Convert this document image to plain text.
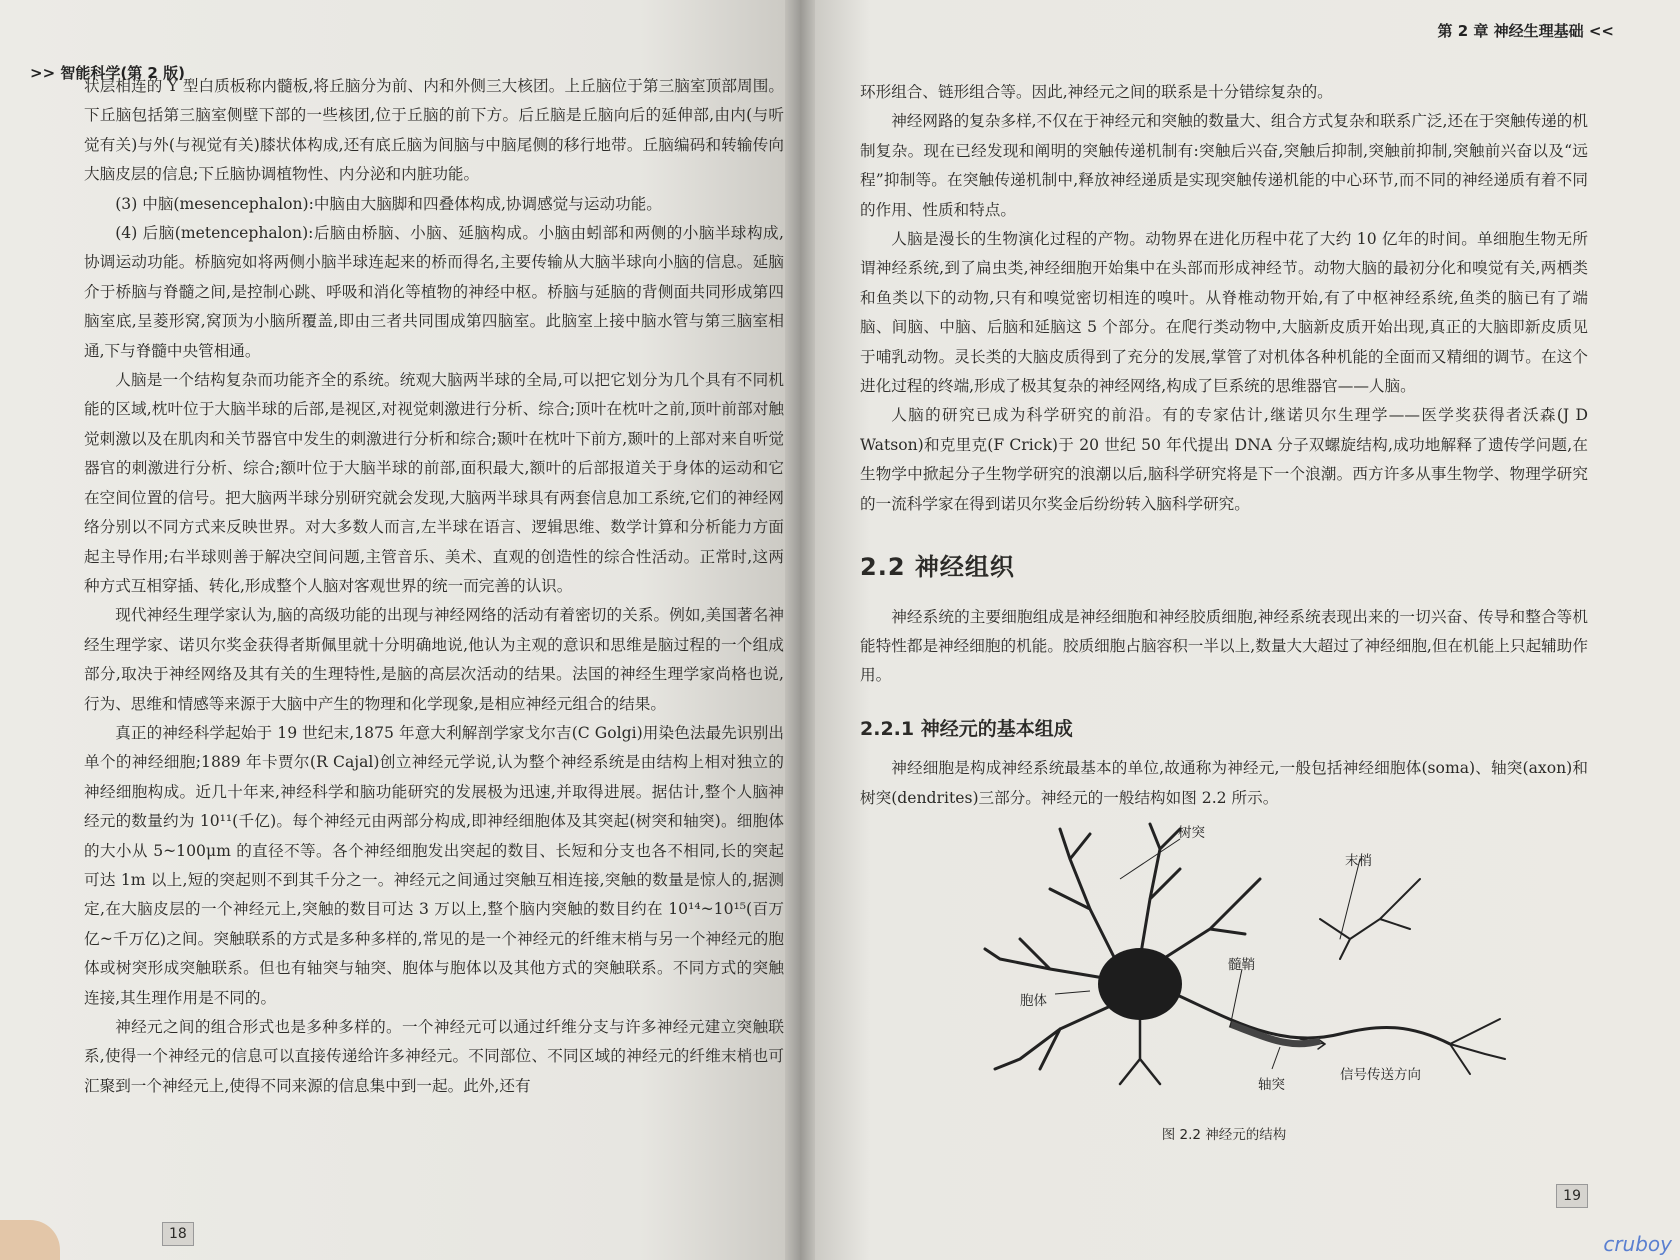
>> 智能科学(第 2 版)

状层相连的 Y 型白质板称内髓板,将丘脑分为前、内和外侧三大核团。上丘脑位于第三脑室顶部周围。下丘脑包括第三脑室侧壁下部的一些核团,位于丘脑的前下方。后丘脑是丘脑向后的延伸部,由内(与听觉有关)与外(与视觉有关)膝状体构成,还有底丘脑为间脑与中脑尾侧的移行地带。丘脑编码和转输传向大脑皮层的信息;下丘脑协调植物性、内分泌和内脏功能。

(3) 中脑(mesencephalon):中脑由大脑脚和四叠体构成,协调感觉与运动功能。

(4) 后脑(metencephalon):后脑由桥脑、小脑、延脑构成。小脑由蚓部和两侧的小脑半球构成,协调运动功能。桥脑宛如将两侧小脑半球连起来的桥而得名,主要传输从大脑半球向小脑的信息。延脑介于桥脑与脊髓之间,是控制心跳、呼吸和消化等植物的神经中枢。桥脑与延脑的背侧面共同形成第四脑室底,呈菱形窝,窝顶为小脑所覆盖,即由三者共同围成第四脑室。此脑室上接中脑水管与第三脑室相通,下与脊髓中央管相通。

人脑是一个结构复杂而功能齐全的系统。统观大脑两半球的全局,可以把它划分为几个具有不同机能的区域,枕叶位于大脑半球的后部,是视区,对视觉刺激进行分析、综合;顶叶在枕叶之前,顶叶前部对触觉刺激以及在肌肉和关节器官中发生的刺激进行分析和综合;颞叶在枕叶下前方,颞叶的上部对来自听觉器官的刺激进行分析、综合;额叶位于大脑半球的前部,面积最大,额叶的后部报道关于身体的运动和它在空间位置的信号。把大脑两半球分别研究就会发现,大脑两半球具有两套信息加工系统,它们的神经网络分别以不同方式来反映世界。对大多数人而言,左半球在语言、逻辑思维、数学计算和分析能力方面起主导作用;右半球则善于解决空间问题,主管音乐、美术、直观的创造性的综合性活动。正常时,这两种方式互相穿插、转化,形成整个人脑对客观世界的统一而完善的认识。

现代神经生理学家认为,脑的高级功能的出现与神经网络的活动有着密切的关系。例如,美国著名神经生理学家、诺贝尔奖金获得者斯佩里就十分明确地说,他认为主观的意识和思维是脑过程的一个组成部分,取决于神经网络及其有关的生理特性,是脑的高层次活动的结果。法国的神经生理学家尚格也说,行为、思维和情感等来源于大脑中产生的物理和化学现象,是相应神经元组合的结果。

真正的神经科学起始于 19 世纪末,1875 年意大利解剖学家戈尔吉(C Golgi)用染色法最先识别出单个的神经细胞;1889 年卡贾尔(R Cajal)创立神经元学说,认为整个神经系统是由结构上相对独立的神经细胞构成。近几十年来,神经科学和脑功能研究的发展极为迅速,并取得进展。据估计,整个人脑神经元的数量约为 10¹¹(千亿)。每个神经元由两部分构成,即神经细胞体及其突起(树突和轴突)。细胞体的大小从 5~100μm 的直径不等。各个神经细胞发出突起的数目、长短和分支也各不相同,长的突起可达 1m 以上,短的突起则不到其千分之一。神经元之间通过突触互相连接,突触的数量是惊人的,据测定,在大脑皮层的一个神经元上,突触的数目可达 3 万以上,整个脑内突触的数目约在 10¹⁴~10¹⁵(百万亿~千万亿)之间。突触联系的方式是多种多样的,常见的是一个神经元的纤维末梢与另一个神经元的胞体或树突形成突触联系。但也有轴突与轴突、胞体与胞体以及其他方式的突触联系。不同方式的突触连接,其生理作用是不同的。

神经元之间的组合形式也是多种多样的。一个神经元可以通过纤维分支与许多神经元建立突触联系,使得一个神经元的信息可以直接传递给许多神经元。不同部位、不同区域的神经元的纤维末梢也可汇聚到一个神经元上,使得不同来源的信息集中到一起。此外,还有

18
第 2 章 神经生理基础 <<

环形组合、链形组合等。因此,神经元之间的联系是十分错综复杂的。

神经网路的复杂多样,不仅在于神经元和突触的数量大、组合方式复杂和联系广泛,还在于突触传递的机制复杂。现在已经发现和阐明的突触传递机制有:突触后兴奋,突触后抑制,突触前抑制,突触前兴奋以及“远程”抑制等。在突触传递机制中,释放神经递质是实现突触传递机能的中心环节,而不同的神经递质有着不同的作用、性质和特点。

人脑是漫长的生物演化过程的产物。动物界在进化历程中花了大约 10 亿年的时间。单细胞生物无所谓神经系统,到了扁虫类,神经细胞开始集中在头部而形成神经节。动物大脑的最初分化和嗅觉有关,两栖类和鱼类以下的动物,只有和嗅觉密切相连的嗅叶。从脊椎动物开始,有了中枢神经系统,鱼类的脑已有了端脑、间脑、中脑、后脑和延脑这 5 个部分。在爬行类动物中,大脑新皮质开始出现,真正的大脑即新皮质见于哺乳动物。灵长类的大脑皮质得到了充分的发展,掌管了对机体各种机能的全面而又精细的调节。在这个进化过程的终端,形成了极其复杂的神经网络,构成了巨系统的思维器官——人脑。

人脑的研究已成为科学研究的前沿。有的专家估计,继诺贝尔生理学——医学奖获得者沃森(J D Watson)和克里克(F Crick)于 20 世纪 50 年代提出 DNA 分子双螺旋结构,成功地解释了遗传学问题,在生物学中掀起分子生物学研究的浪潮以后,脑科学研究将是下一个浪潮。西方许多从事生物学、物理学研究的一流科学家在得到诺贝尔奖金后纷纷转入脑科学研究。

2.2 神经组织

神经系统的主要细胞组成是神经细胞和神经胶质细胞,神经系统表现出来的一切兴奋、传导和整合等机能特性都是神经细胞的机能。胶质细胞占脑容积一半以上,数量大大超过了神经细胞,但在机能上只起辅助作用。

2.2.1 神经元的基本组成

神经细胞是构成神经系统最基本的单位,故通称为神经元,一般包括神经细胞体(soma)、轴突(axon)和树突(dendrites)三部分。神经元的一般结构如图 2.2 所示。

树突
末梢
髓鞘
胞体
轴突
信号传送方向
图 2.2 神经元的结构
19
cruboy
